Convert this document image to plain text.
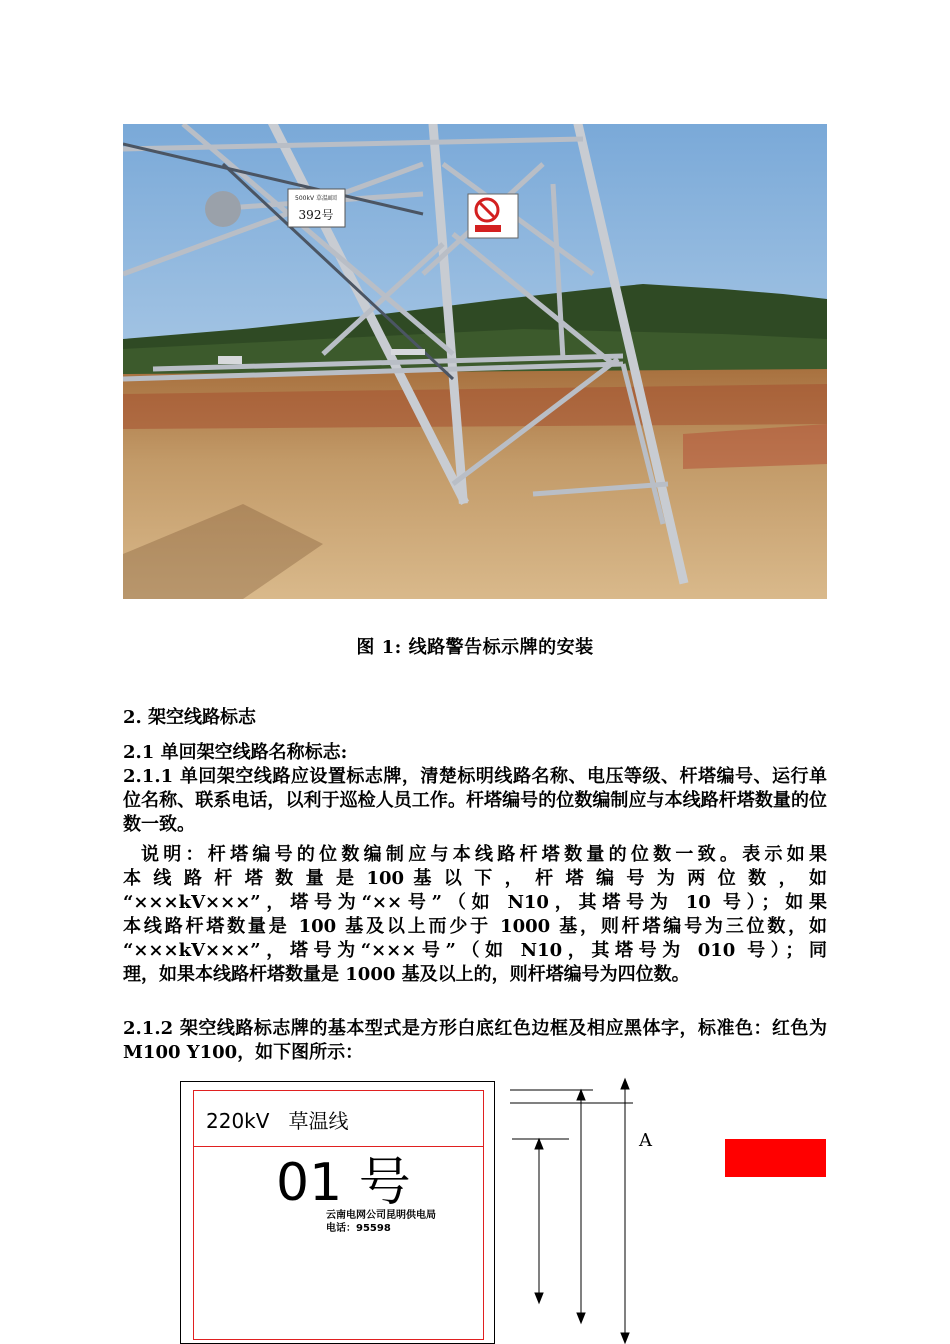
500kV 草温Ⅱ回
392号
图 1: 线路警告标示牌的安装
2. 架空线路标志
2.1 单回架空线路名称标志:
2.1.1 单回架空线路应设置标志牌，清楚标明线路名称、电压等级、杆塔编号、运行单位名称、联系电话，以利于巡检人员工作。杆塔编号的位数编制应与本线路杆塔数量的位数一致。

说明：杆塔编号的位数编制应与本线路杆塔数量的位数一致。表示如果

本 线 路 杆 塔 数 量 是 100 基 以 下 ， 杆 塔 编 号 为 两 位 数 ， 如

“×××kV×××”，塔号为“××号”（如 N10，其塔号为 10 号）；如果

本线路杆塔数量是 100 基及以上而少于 1000 基，则杆塔编号为三位数，如

“×××kV×××”，塔号为“×××号”（如 N10，其塔号为 010 号）；同

理，如果本线路杆塔数量是 1000 基及以上的，则杆塔编号为四位数。

2.1.2 架空线路标志牌的基本型式是方形白底红色边框及相应黑体字，标准色：红色为 M100 Y100，如下图所示：
220kV   草温线
01 号
云南电网公司昆明供电局
电话：95598
A
